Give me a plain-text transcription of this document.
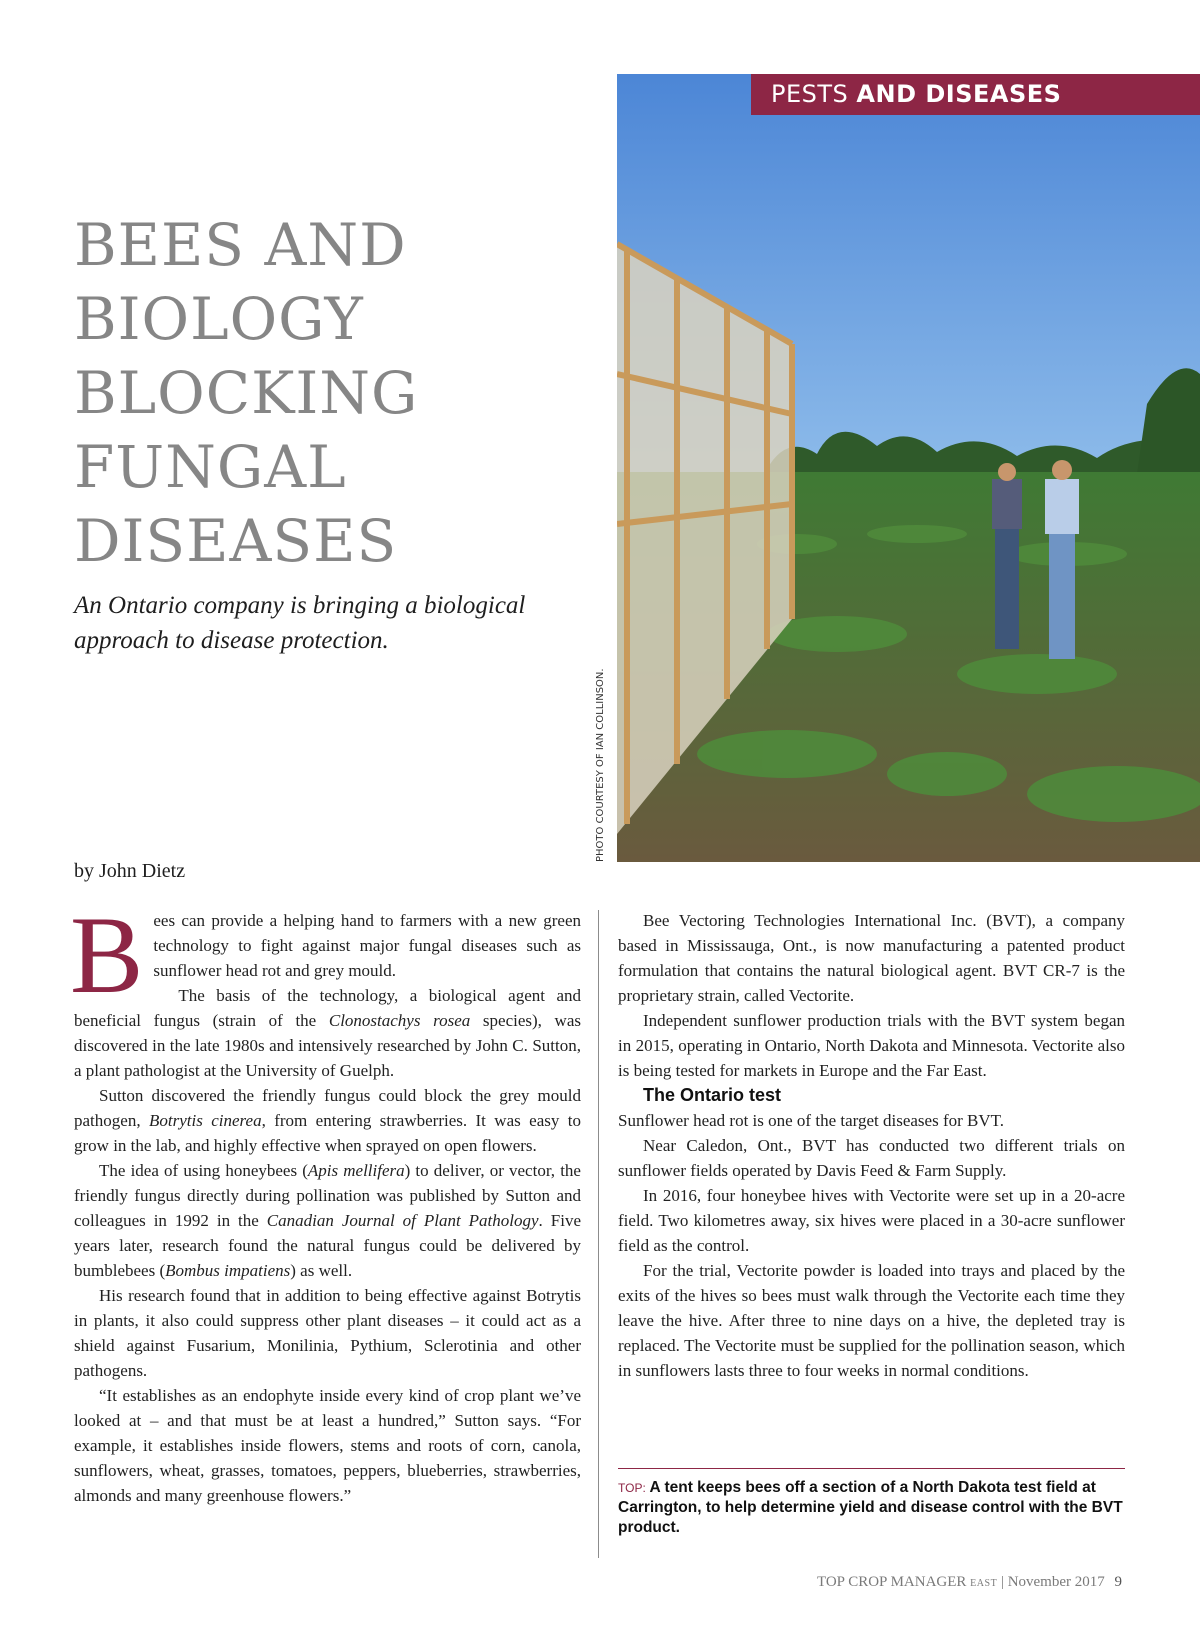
PESTS AND DISEASES
PHOTO COURTESY OF IAN COLLINSON.
BEES AND
BIOLOGY
BLOCKING
FUNGAL
DISEASES
An Ontario company is bringing a biological approach to disease protection.
by John Dietz
B ees can provide a helping hand to farmers with a new green technology to fight against major fungal diseases such as sunflower head rot and grey mould.

The basis of the technology, a biological agent and beneficial fungus (strain of the Clonostachys rosea species), was discovered in the late 1980s and intensively researched by John C. Sutton, a plant pathologist at the University of Guelph.

Sutton discovered the friendly fungus could block the grey mould pathogen, Botrytis cinerea, from entering strawberries. It was easy to grow in the lab, and highly effective when sprayed on open flowers.

The idea of using honeybees (Apis mellifera) to deliver, or vector, the friendly fungus directly during pollination was published by Sutton and colleagues in 1992 in the Canadian Journal of Plant Pathology. Five years later, research found the natural fungus could be delivered by bumblebees (Bombus impatiens) as well.

His research found that in addition to being effective against Botrytis in plants, it also could suppress other plant diseases – it could act as a shield against Fusarium, Monilinia, Pythium, Sclerotinia and other pathogens.

“It establishes as an endophyte inside every kind of crop plant we’ve looked at – and that must be at least a hundred,” Sutton says. “For example, it establishes inside flowers, stems and roots of corn, canola, sunflowers, wheat, grasses, tomatoes, peppers, blueberries, strawberries, almonds and many greenhouse flowers.”

Bee Vectoring Technologies International Inc. (BVT), a company based in Mississauga, Ont., is now manufacturing a patented product formulation that contains the natural biological agent. BVT CR-7 is the proprietary strain, called Vectorite.

Independent sunflower production trials with the BVT system began in 2015, operating in Ontario, North Dakota and Minnesota. Vectorite also is being tested for markets in Europe and the Far East.

The Ontario test

Sunflower head rot is one of the target diseases for BVT.

Near Caledon, Ont., BVT has conducted two different trials on sunflower fields operated by Davis Feed & Farm Supply.

In 2016, four honeybee hives with Vectorite were set up in a 20-acre field. Two kilometres away, six hives were placed in a 30-acre sunflower field as the control.

For the trial, Vectorite powder is loaded into trays and placed by the exits of the hives so bees must walk through the Vectorite each time they leave the hive. After three to nine days on a hive, the depleted tray is replaced. The Vectorite must be supplied for the pollination season, which in sunflowers lasts three to four weeks in normal conditions.

TOP: A tent keeps bees off a section of a North Dakota test field at Carrington, to help determine yield and disease control with the BVT product.
TOP CROP MANAGER EAST | November 2017 9
